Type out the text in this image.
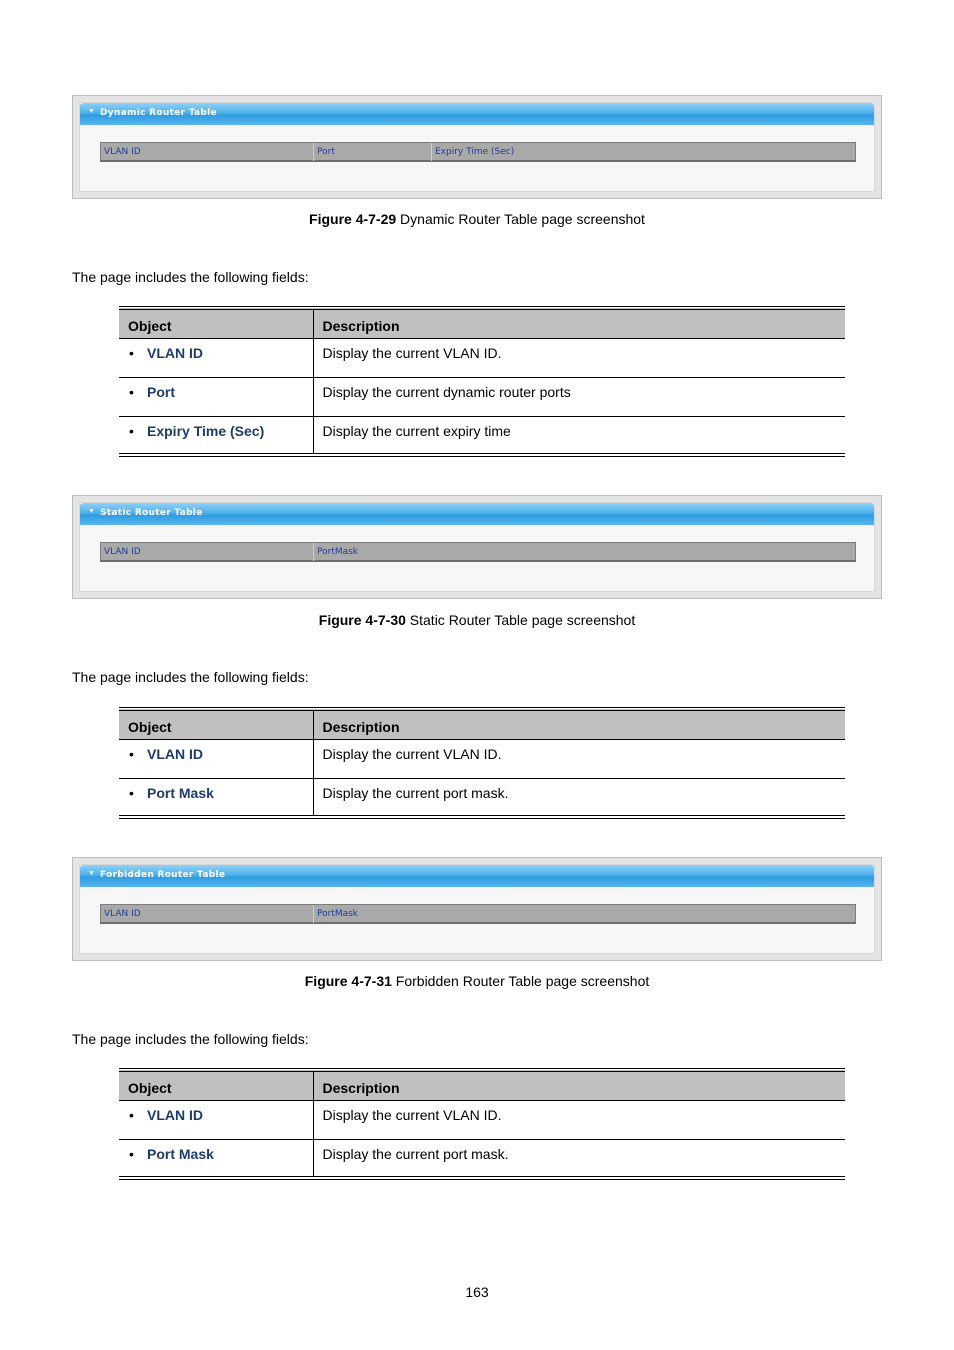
▼ Dynamic Router Table
VLAN ID	Port	Expiry Time (Sec)
Figure 4-7-29 Dynamic Router Table page screenshot
The page includes the following fields:
Object	Description
• VLAN ID	Display the current VLAN ID.
• Port	Display the current dynamic router ports
• Expiry Time (Sec)	Display the current expiry time
▼ Static Router Table
VLAN ID	PortMask
Figure 4-7-30 Static Router Table page screenshot
The page includes the following fields:
Object	Description
• VLAN ID	Display the current VLAN ID.
• Port Mask	Display the current port mask.
▼ Forbidden Router Table
VLAN ID	PortMask
Figure 4-7-31 Forbidden Router Table page screenshot
The page includes the following fields:
Object	Description
• VLAN ID	Display the current VLAN ID.
• Port Mask	Display the current port mask.
163
